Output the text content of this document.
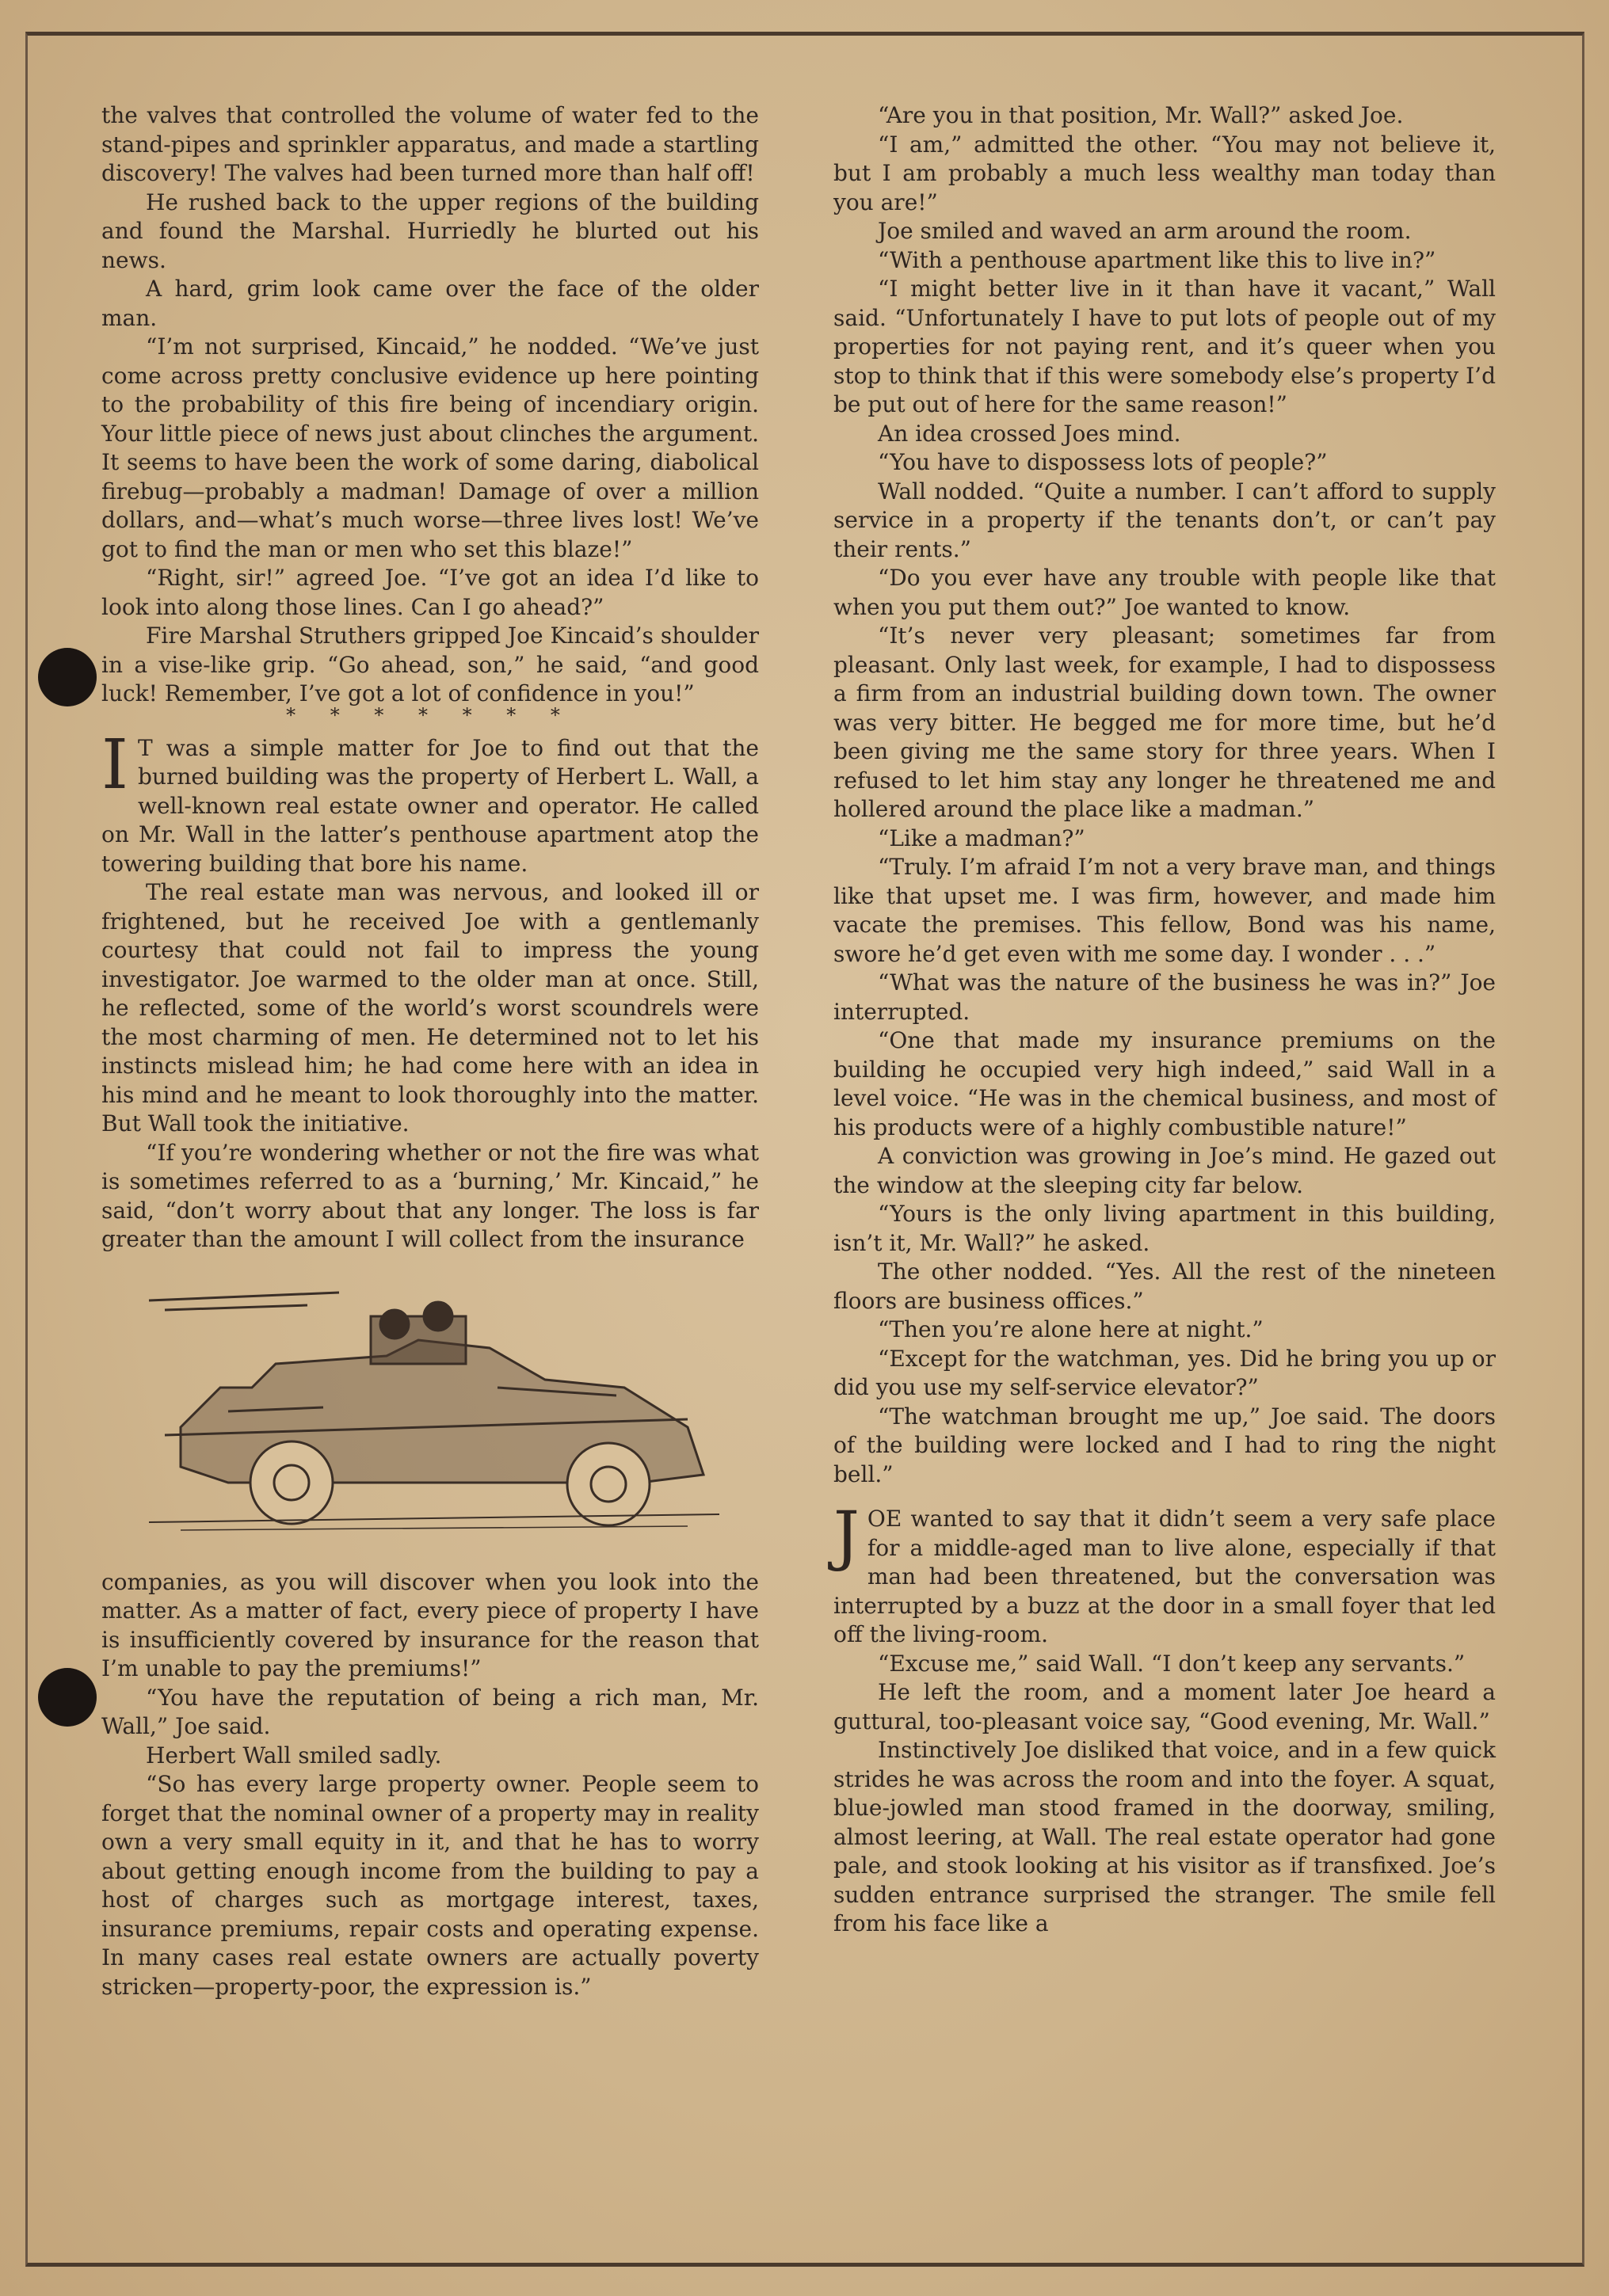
the valves that controlled the volume of water fed to the stand-pipes and sprinkler apparatus, and made a startling discovery! The valves had been turned more than half off!

He rushed back to the upper regions of the building and found the Marshal. Hurriedly he blurted out his news.

A hard, grim look came over the face of the older man.

“I’m not surprised, Kincaid,” he nodded. “We’ve just come across pretty conclusive evidence up here pointing to the probability of this fire being of incendiary origin. Your little piece of news just about clinches the argument. It seems to have been the work of some daring, diabolical firebug—probably a madman! Damage of over a million dollars, and—what’s much worse—three lives lost! We’ve got to find the man or men who set this blaze!”

“Right, sir!” agreed Joe. “I’ve got an idea I’d like to look into along those lines. Can I go ahead?”

Fire Marshal Struthers gripped Joe Kincaid’s shoulder in a vise-like grip. “Go ahead, son,” he said, “and good luck! Remember, I’ve got a lot of confidence in you!”

* * * * * * *

I T was a simple matter for Joe to find out that the burned building was the property of Herbert L. Wall, a well-known real estate owner and operator. He called on Mr. Wall in the latter’s penthouse apartment atop the towering building that bore his name.

The real estate man was nervous, and looked ill or frightened, but he received Joe with a gentlemanly courtesy that could not fail to impress the young investigator. Joe warmed to the older man at once. Still, he reflected, some of the world’s worst scoundrels were the most charming of men. He determined not to let his instincts mislead him; he had come here with an idea in his mind and he meant to look thoroughly into the matter. But Wall took the initiative.

“If you’re wondering whether or not the fire was what is sometimes referred to as a ‘burning,’ Mr. Kincaid,” he said, “don’t worry about that any longer. The loss is far greater than the amount I will collect from the insurance

companies, as you will discover when you look into the matter. As a matter of fact, every piece of property I have is insufficiently covered by insurance for the reason that I’m unable to pay the premiums!”

“You have the reputation of being a rich man, Mr. Wall,” Joe said.

Herbert Wall smiled sadly.

“So has every large property owner. People seem to forget that the nominal owner of a property may in reality own a very small equity in it, and that he has to worry about getting enough income from the building to pay a host of charges such as mortgage interest, taxes, insurance premiums, repair costs and operating expense. In many cases real estate owners are actually poverty stricken—property-poor, the expression is.”

“Are you in that position, Mr. Wall?” asked Joe.

“I am,” admitted the other. “You may not believe it, but I am probably a much less wealthy man today than you are!”

Joe smiled and waved an arm around the room.

“With a penthouse apartment like this to live in?”

“I might better live in it than have it vacant,” Wall said. “Unfortunately I have to put lots of people out of my properties for not paying rent, and it’s queer when you stop to think that if this were somebody else’s property I’d be put out of here for the same reason!”

An idea crossed Joes mind.

“You have to dispossess lots of people?”

Wall nodded. “Quite a number. I can’t afford to supply service in a property if the tenants don’t, or can’t pay their rents.”

“Do you ever have any trouble with people like that when you put them out?” Joe wanted to know.

“It’s never very pleasant; sometimes far from pleasant. Only last week, for example, I had to dispossess a firm from an industrial building down town. The owner was very bitter. He begged me for more time, but he’d been giving me the same story for three years. When I refused to let him stay any longer he threatened me and hollered around the place like a madman.”

“Like a madman?”

“Truly. I’m afraid I’m not a very brave man, and things like that upset me. I was firm, however, and made him vacate the premises. This fellow, Bond was his name, swore he’d get even with me some day. I wonder . . .”

“What was the nature of the business he was in?” Joe interrupted.

“One that made my insurance premiums on the building he occupied very high indeed,” said Wall in a level voice. “He was in the chemical business, and most of his products were of a highly combustible nature!”

A conviction was growing in Joe’s mind. He gazed out the window at the sleeping city far below.

“Yours is the only living apartment in this building, isn’t it, Mr. Wall?” he asked.

The other nodded. “Yes. All the rest of the nineteen floors are business offices.”

“Then you’re alone here at night.”

“Except for the watchman, yes. Did he bring you up or did you use my self-service elevator?”

“The watchman brought me up,” Joe said. The doors of the building were locked and I had to ring the night bell.”

JOE wanted to say that it didn’t seem a very safe place for a middle-aged man to live alone, especially if that man had been threatened, but the conversation was interrupted by a buzz at the door in a small foyer that led off the living-room.

“Excuse me,” said Wall. “I don’t keep any servants.”

He left the room, and a moment later Joe heard a guttural, too-pleasant voice say, “Good evening, Mr. Wall.”

Instinctively Joe disliked that voice, and in a few quick strides he was across the room and into the foyer. A squat, blue-jowled man stood framed in the doorway, smiling, almost leering, at Wall. The real estate operator had gone pale, and stook looking at his visitor as if transfixed. Joe’s sudden entrance surprised the stranger. The smile fell from his face like a
